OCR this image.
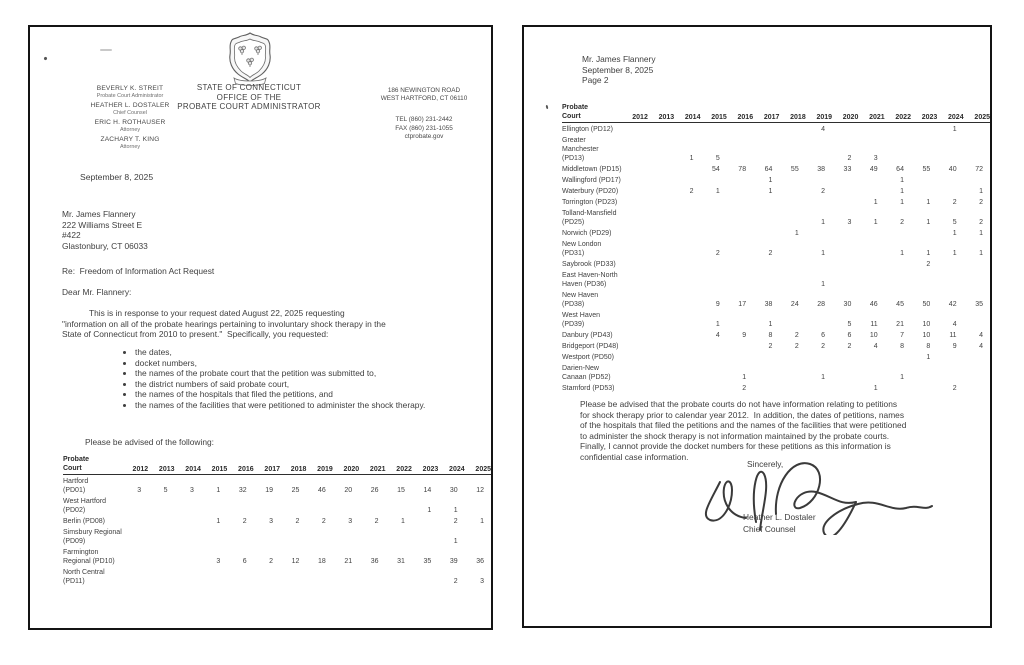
BEVERLY K. STREIT
Probate Court Administrator
HEATHER L. DOSTALER
Chief Counsel
ERIC H. ROTHAUSER
Attorney
ZACHARY T. KING
Attorney
STATE OF CONNECTICUT
OFFICE OF THE
PROBATE COURT ADMINISTRATOR
186 NEWINGTON ROAD
WEST HARTFORD, CT 06110
TEL (860) 231-2442
FAX (860) 231-1055
ctprobate.gov
September 8, 2025
Mr. James Flannery
222 Williams Street E
#422
Glastonbury, CT 06033
Re:  Freedom of Information Act Request
Dear Mr. Flannery:
This is in response to your request dated August 22, 2025 requesting
"information on all of the probate hearings pertaining to involuntary shock therapy in the
State of Connecticut from 2010 to present."  Specifically, you requested:
• the dates,
• docket numbers,
• the names of the probate court that the petition was submitted to,
• the district numbers of said probate court,
• the names of the hospitals that filed the petitions, and
• the names of the facilities that were petitioned to administer the shock therapy.
Please be advised of the following:
Probate
Court	2012	2013	2014	2015	2016	2017	2018	2019	2020	2021	2022	2023	2024	2025

Hartford
(PD01)	3	5	3	1	32	19	25	46	20	26	15	14	30	12

West Hartford
(PD02)												1	1	

Berlin (PD08)				1	2	3	2	2	3	2	1		2	1

Simsbury Regional
(PD09)													1	

Farmington
Regional (PD10)				3	6	2	12	18	21	36	31	35	39	36

North Central
(PD11)													2	3
Mr. James Flannery
September 8, 2025
Page 2
Probate
Court	2012	2013	2014	2015	2016	2017	2018	2019	2020	2021	2022	2023	2024	2025

Ellington (PD12)								4					1	

Greater
Manchester
(PD13)			1	5					2	3				

Middletown (PD15)				54	78	64	55	38	33	49	64	55	40	72

Wallingford (PD17)						1					1			

Waterbury (PD20)			2	1		1		2			1			1

Torrington (PD23)										1	1	1	2	2

Tolland-Mansfield
(PD25)								1	3	1	2	1	5	2

Norwich (PD29)							1						1	1

New London
(PD31)				2		2		1			1	1	1	1

Saybrook (PD33)												2		

East Haven-North
Haven (PD36)								1						

New Haven
(PD38)				9	17	38	24	28	30	46	45	50	42	35

West Haven
(PD39)				1		1			5	11	21	10	4	

Danbury (PD43)				4	9	8	2	6	6	10	7	10	11	4

Bridgeport (PD48)						2	2	2	2	4	8	8	9	4

Westport (PD50)												1		

Darien-New
Canaan (PD52)					1			1			1			

Stamford (PD53)					2					1			2	
Please be advised that the probate courts do not have information relating to petitions
for shock therapy prior to calendar year 2012.  In addition, the dates of petitions, names
of the hospitals that filed the petitions and the names of the facilities that were petitioned
to administer the shock therapy is not information maintained by the probate courts.
Finally, I cannot provide the docket numbers for these petitions as this information is
confidential case information.
Sincerely,
Heather L. Dostaler
Chief Counsel
